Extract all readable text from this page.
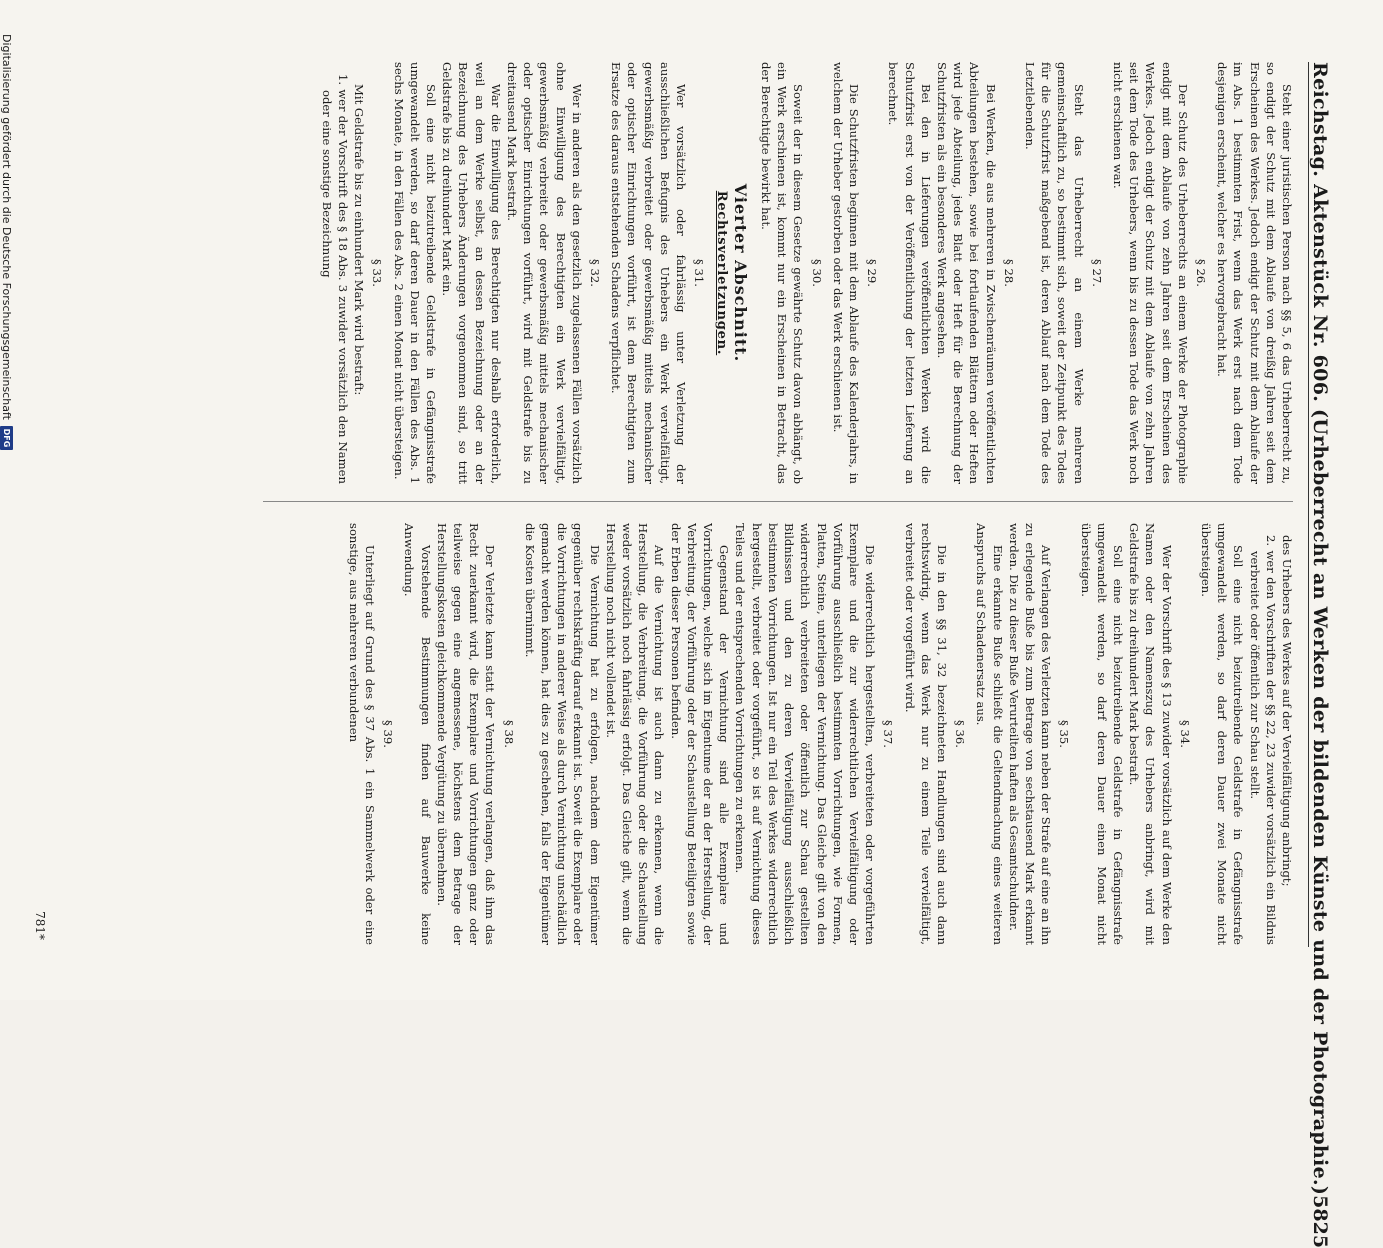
Reichstag. Aktenstück Nr. 606. (Urheberrecht an Werken der bildenden Künste und der Photographie.)
5825
Steht einer juristischen Person nach §§ 5, 6 das Urheberrecht zu, so endigt der Schutz mit dem Ablaufe von dreißig Jahren seit dem Erscheinen des Werkes. Jedoch endigt der Schutz mit dem Ablaufe der im Abs. 1 bestimmten Frist, wenn das Werk erst nach dem Tode desjenigen erscheint, welcher es hervorgebracht hat.
§ 26.
Der Schutz des Urheberrechts an einem Werke der Photographie endigt mit dem Ablaufe von zehn Jahren seit dem Erscheinen des Werkes. Jedoch endigt der Schutz mit dem Ablaufe von zehn Jahren seit dem Tode des Urhebers, wenn bis zu dessen Tode das Werk noch nicht erschienen war.
§ 27.
Steht das Urheberrecht an einem Werke mehreren gemeinschaftlich zu, so bestimmt sich, soweit der Zeitpunkt des Todes für die Schutzfrist maßgebend ist, deren Ablauf nach dem Tode des Letztlebenden.
§ 28.
Bei Werken, die aus mehreren in Zwischenräumen veröffentlichten Abteilungen bestehen, sowie bei fortlaufenden Blättern oder Heften wird jede Abteilung, jedes Blatt oder Heft für die Berechnung der Schutzfristen als ein besonderes Werk angesehen.
Bei den in Lieferungen veröffentlichten Werken wird die Schutzfrist erst von der Veröffentlichung der letzten Lieferung an berechnet.
§ 29.
Die Schutzfristen beginnen mit dem Ablaufe des Kalenderjahrs, in welchem der Urheber gestorben oder das Werk erschienen ist.
§ 30.
Soweit der in diesem Gesetze gewährte Schutz davon abhängt, ob ein Werk erschienen ist, kommt nur ein Erscheinen in Betracht, das der Berechtigte bewirkt hat.
Vierter Abschnitt.
Rechtsverletzungen.
§ 31.
Wer vorsätzlich oder fahrlässig unter Verletzung der ausschließlichen Befugnis des Urhebers ein Werk vervielfältigt, gewerbsmäßig verbreitet oder gewerbsmäßig mittels mechanischer oder optischer Einrichtungen vorführt, ist dem Berechtigten zum Ersatze des daraus entstehenden Schadens verpflichtet.
§ 32.
Wer in anderen als den gesetzlich zugelassenen Fällen vorsätzlich ohne Einwilligung des Berechtigten ein Werk vervielfältigt, gewerbsmäßig verbreitet oder gewerbsmäßig mittels mechanischer oder optischer Einrichtungen vorführt, wird mit Geldstrafe bis zu dreitausend Mark bestraft.
War die Einwilligung des Berechtigten nur deshalb erforderlich, weil an dem Werke selbst, an dessen Bezeichnung oder an der Bezeichnung des Urhebers Änderungen vorgenommen sind, so tritt Geldstrafe bis zu dreihundert Mark ein.
Soll eine nicht beizutreibende Geldstrafe in Gefängnisstrafe umgewandelt werden, so darf deren Dauer in den Fällen des Abs. 1 sechs Monate, in den Fällen des Abs. 2 einen Monat nicht übersteigen.
§ 33.
Mit Geldstrafe bis zu einhundert Mark wird bestraft:
1. wer der Vorschrift des § 18 Abs. 3 zuwider vorsätzlich den Namen oder eine sonstige Bezeichnung
des Urhebers des Werkes auf der Vervielfältigung anbringt;
2. wer den Vorschriften der §§ 22, 23 zuwider vorsätzlich ein Bildnis verbreitet oder öffentlich zur Schau stellt.
Soll eine nicht beizutreibende Geldstrafe in Gefängnisstrafe umgewandelt werden, so darf deren Dauer zwei Monate nicht übersteigen.
§ 34.
Wer der Vorschrift des § 13 zuwider vorsätzlich auf dem Werke den Namen oder den Namenszug des Urhebers anbringt, wird mit Geldstrafe bis zu dreihundert Mark bestraft.
Soll eine nicht beizutreibende Geldstrafe in Gefängnisstrafe umgewandelt werden, so darf deren Dauer einen Monat nicht übersteigen.
§ 35.
Auf Verlangen des Verletzten kann neben der Strafe auf eine an ihn zu erlegende Buße bis zum Betrage von sechstausend Mark erkannt werden. Die zu dieser Buße Verurteilten haften als Gesamtschuldner.
Eine erkannte Buße schließt die Geltendmachung eines weiteren Anspruchs auf Schadenersatz aus.
§ 36.
Die in den §§ 31, 32 bezeichneten Handlungen sind auch dann rechtswidrig, wenn das Werk nur zu einem Teile vervielfältigt, verbreitet oder vorgeführt wird.
§ 37.
Die widerrechtlich hergestellten, verbreiteten oder vorgeführten Exemplare und die zur widerrechtlichen Vervielfältigung oder Vorführung ausschließlich bestimmten Vorrichtungen, wie Formen, Platten, Steine, unterliegen der Vernichtung. Das Gleiche gilt von den widerrechtlich verbreiteten oder öffentlich zur Schau gestellten Bildnissen und den zu deren Vervielfältigung ausschließlich bestimmten Vorrichtungen. Ist nur ein Teil des Werkes widerrechtlich hergestellt, verbreitet oder vorgeführt, so ist auf Vernichtung dieses Teiles und der entsprechenden Vorrichtungen zu erkennen.
Gegenstand der Vernichtung sind alle Exemplare und Vorrichtungen, welche sich im Eigentume der an der Herstellung, der Verbreitung, der Vorführung oder der Schaustellung Beteiligten sowie der Erben dieser Personen befinden.
Auf die Vernichtung ist auch dann zu erkennen, wenn die Herstellung, die Verbreitung, die Vorführung oder die Schaustellung weder vorsätzlich noch fahrlässig erfolgt. Das Gleiche gilt, wenn die Herstellung noch nicht vollendet ist.
Die Vernichtung hat zu erfolgen, nachdem dem Eigentümer gegenüber rechtskräftig darauf erkannt ist. Soweit die Exemplare oder die Vorrichtungen in anderer Weise als durch Vernichtung unschädlich gemacht werden können, hat dies zu geschehen, falls der Eigentümer die Kosten übernimmt.
§ 38.
Der Verletzte kann statt der Vernichtung verlangen, daß ihm das Recht zuerkannt wird, die Exemplare und Vorrichtungen ganz oder teilweise gegen eine angemessene, höchstens dem Betrage der Herstellungskosten gleichkommende Vergütung zu übernehmen.
Vorstehende Bestimmungen finden auf Bauwerke keine Anwendung.
§ 39.
Unterliegt auf Grund des § 37 Abs. 1 ein Sammelwerk oder eine sonstige, aus mehreren verbundenen
781*
Digitalisierung gefördert durch die Deutsche Forschungsgemeinschaft
DFG
